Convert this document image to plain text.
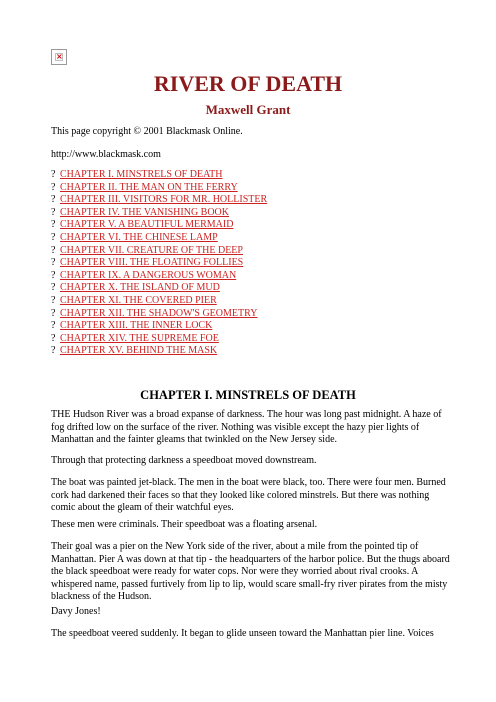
×
RIVER OF DEATH
Maxwell Grant

This page copyright © 2001 Blackmask Online.

http://www.blackmask.com

? CHAPTER I. MINSTRELS OF DEATH
? CHAPTER II. THE MAN ON THE FERRY
? CHAPTER III. VISITORS FOR MR. HOLLISTER
? CHAPTER IV. THE VANISHING BOOK
? CHAPTER V. A BEAUTIFUL MERMAID
? CHAPTER VI. THE CHINESE LAMP
? CHAPTER VII. CREATURE OF THE DEEP
? CHAPTER VIII. THE FLOATING FOLLIES
? CHAPTER IX. A DANGEROUS WOMAN
? CHAPTER X. THE ISLAND OF MUD
? CHAPTER XI. THE COVERED PIER
? CHAPTER XII. THE SHADOW'S GEOMETRY
? CHAPTER XIII. THE INNER LOCK
? CHAPTER XIV. THE SUPREME FOE
? CHAPTER XV. BEHIND THE MASK
CHAPTER I. MINSTRELS OF DEATH

THE Hudson River was a broad expanse of darkness. The hour was long past midnight. A haze of fog drifted low on the surface of the river. Nothing was visible except the hazy pier lights of Manhattan and the fainter gleams that twinkled on the New Jersey side.

Through that protecting darkness a speedboat moved downstream.

The boat was painted jet-black. The men in the boat were black, too. There were four men. Burned cork had darkened their faces so that they looked like colored minstrels. But there was nothing comic about the gleam of their watchful eyes.

These men were criminals. Their speedboat was a floating arsenal.

Their goal was a pier on the New York side of the river, about a mile from the pointed tip of Manhattan. Pier A was down at that tip - the headquarters of the harbor police. But the thugs aboard the black speedboat were ready for water cops. Nor were they worried about rival crooks. A whispered name, passed furtively from lip to lip, would scare small-fry river pirates from the misty blackness of the Hudson.

Davy Jones!

The speedboat veered suddenly. It began to glide unseen toward the Manhattan pier line. Voices
